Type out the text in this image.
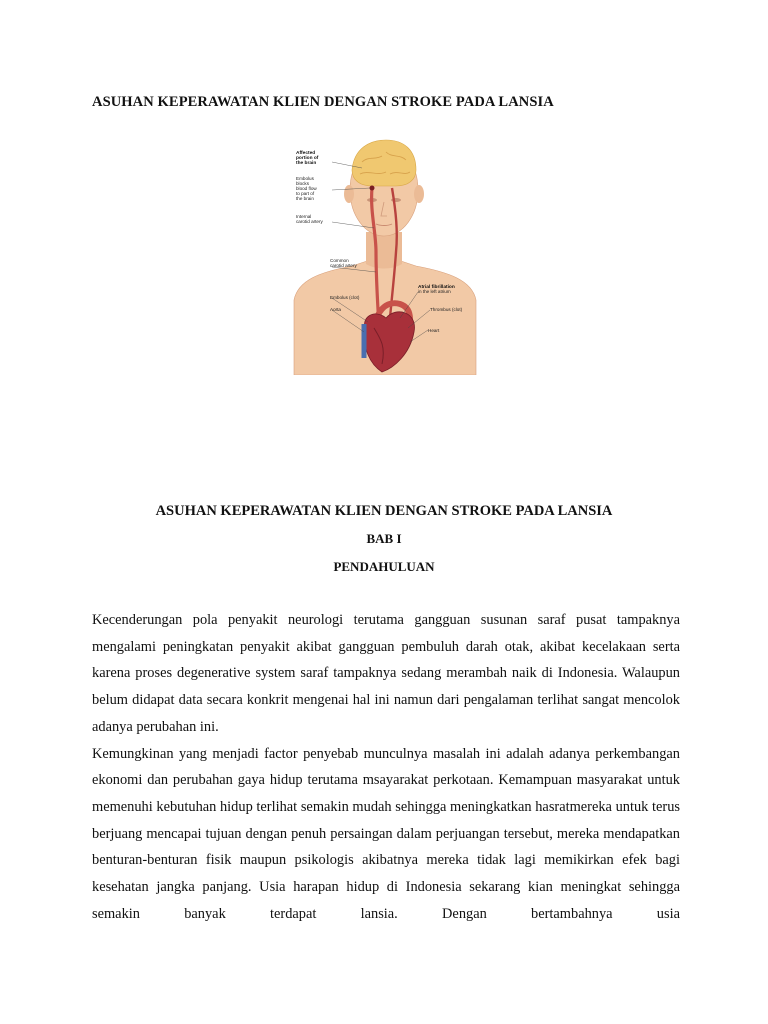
ASUHAN KEPERAWATAN KLIEN DENGAN STROKE PADA LANSIA
Affected
portion of
the brain
Embolus
blocks
blood flow
to part of
the brain
Internal
carotid artery
Common
carotid artery
Atrial fibrillation
in the left atrium
Embolus (clot)
Aorta	Thrombus (clot)
Heart
ASUHAN KEPERAWATAN KLIEN DENGAN STROKE PADA LANSIA
BAB I
PENDAHULUAN

Kecenderungan pola penyakit neurologi terutama gangguan susunan saraf pusat tampaknya mengalami peningkatan penyakit akibat gangguan pembuluh darah otak, akibat kecelakaan serta karena proses degenerative system saraf tampaknya sedang merambah naik di Indonesia. Walaupun belum didapat data secara konkrit mengenai hal ini namun dari pengalaman terlihat sangat mencolok adanya perubahan ini.

Kemungkinan yang menjadi factor penyebab munculnya masalah ini adalah adanya perkembangan ekonomi dan perubahan gaya hidup terutama msayarakat perkotaan. Kemampuan masyarakat untuk memenuhi kebutuhan hidup terlihat semakin mudah sehingga meningkatkan hasratmereka untuk terus berjuang mencapai tujuan dengan penuh persaingan dalam perjuangan tersebut, mereka mendapatkan benturan-benturan fisik maupun psikologis akibatnya mereka tidak lagi memikirkan efek bagi kesehatan jangka panjang. Usia harapan hidup di Indonesia sekarang kian meningkat sehingga semakin banyak terdapat lansia. Dengan bertambahnya usia
